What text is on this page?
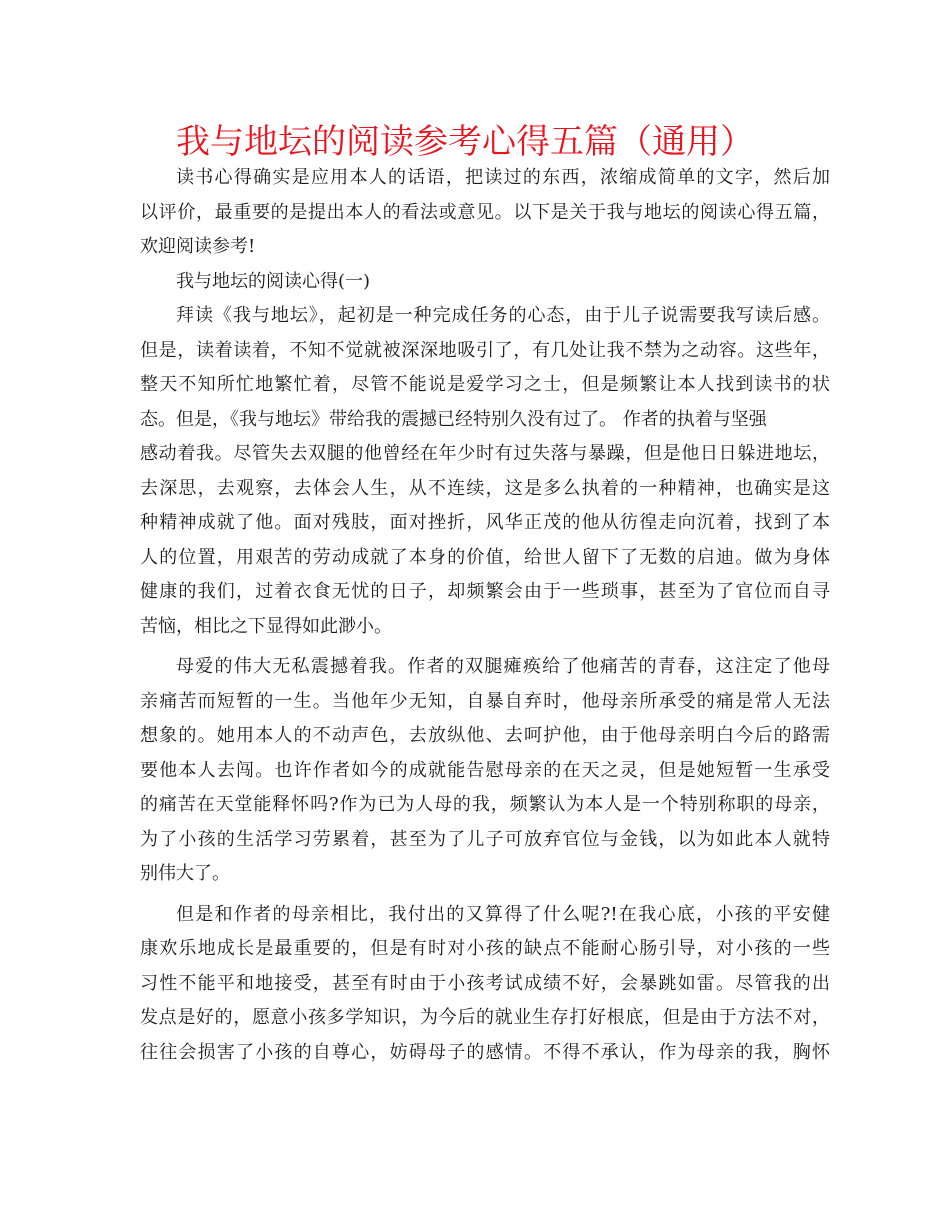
我与地坛的阅读参考心得五篇（通用）
读书心得确实是应用本人的话语，把读过的东西，浓缩成简单的文字，然后加
以评价，最重要的是提出本人的看法或意见。以下是关于我与地坛的阅读心得五篇，
欢迎阅读参考!
我与地坛的阅读心得(一)
拜读《我与地坛》，起初是一种完成任务的心态，由于儿子说需要我写读后感。
但是，读着读着，不知不觉就被深深地吸引了，有几处让我不禁为之动容。这些年，
整天不知所忙地繁忙着，尽管不能说是爱学习之士，但是频繁让本人找到读书的状
态。但是，《我与地坛》带给我的震撼已经特别久没有过了。 作者的执着与坚强
感动着我。尽管失去双腿的他曾经在年少时有过失落与暴躁，但是他日日躲进地坛，
去深思，去观察，去体会人生，从不连续，这是多么执着的一种精神，也确实是这
种精神成就了他。面对残肢，面对挫折，风华正茂的他从彷徨走向沉着，找到了本
人的位置，用艰苦的劳动成就了本身的价值，给世人留下了无数的启迪。做为身体
健康的我们，过着衣食无忧的日子，却频繁会由于一些琐事，甚至为了官位而自寻
苦恼，相比之下显得如此渺小。
母爱的伟大无私震撼着我。作者的双腿瘫痪给了他痛苦的青春，这注定了他母
亲痛苦而短暂的一生。当他年少无知，自暴自弃时，他母亲所承受的痛是常人无法
想象的。她用本人的不动声色，去放纵他、去呵护他，由于他母亲明白今后的路需
要他本人去闯。也许作者如今的成就能告慰母亲的在天之灵，但是她短暂一生承受
的痛苦在天堂能释怀吗?作为已为人母的我，频繁认为本人是一个特别称职的母亲，
为了小孩的生活学习劳累着，甚至为了儿子可放弃官位与金钱，以为如此本人就特
别伟大了。
但是和作者的母亲相比，我付出的又算得了什么呢?!在我心底，小孩的平安健
康欢乐地成长是最重要的，但是有时对小孩的缺点不能耐心肠引导，对小孩的一些
习性不能平和地接受，甚至有时由于小孩考试成绩不好，会暴跳如雷。尽管我的出
发点是好的，愿意小孩多学知识，为今后的就业生存打好根底，但是由于方法不对，
往往会损害了小孩的自尊心，妨碍母子的感情。不得不承认，作为母亲的我，胸怀
